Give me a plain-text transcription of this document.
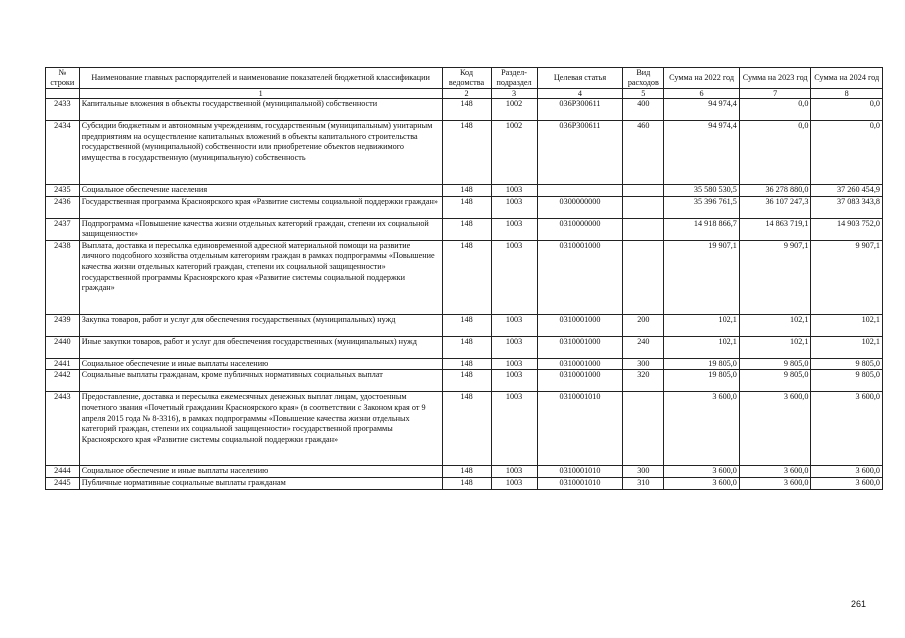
№ строки	Наименование главных распорядителей и наименование показателей бюджетной классификации	Код ведомства	Раздел-подраздел	Целевая статья	Вид расходов	Сумма на 2022 год	Сумма на 2023 год	Сумма на 2024 год
	1	2	3	4	5	6	7	8
2433	Капитальные вложения в объекты государственной (муниципальной) собственности	148	1002	036P300611	400	94 974,4	0,0	0,0
2434	Субсидии бюджетным и автономным учреждениям, государственным (муниципальным) унитарным предприятиям на осуществление капитальных вложений в объекты капитального строительства государственной (муниципальной) собственности или приобретение объектов недвижимого имущества в государственную (муниципальную) собственность	148	1002	036P300611	460	94 974,4	0,0	0,0
2435	Социальное обеспечение населения	148	1003			35 580 530,5	36 278 880,0	37 260 454,9
2436	Государственная программа Красноярского края «Развитие системы социальной поддержки граждан»	148	1003	0300000000		35 396 761,5	36 107 247,3	37 083 343,8
2437	Подпрограмма «Повышение качества жизни отдельных категорий граждан, степени их социальной защищенности»	148	1003	0310000000		14 918 866,7	14 863 719,1	14 903 752,0
2438	Выплата, доставка и пересылка единовременной адресной материальной помощи на развитие личного подсобного хозяйства отдельным категориям граждан в рамках подпрограммы «Повышение качества жизни отдельных категорий граждан, степени их социальной защищенности» государственной программы Красноярского края «Развитие системы социальной поддержки граждан»	148	1003	0310001000		19 907,1	9 907,1	9 907,1
2439	Закупка товаров, работ и услуг для обеспечения государственных (муниципальных) нужд	148	1003	0310001000	200	102,1	102,1	102,1
2440	Иные закупки товаров, работ и услуг для обеспечения государственных (муниципальных) нужд	148	1003	0310001000	240	102,1	102,1	102,1
2441	Социальное обеспечение и иные выплаты населению	148	1003	0310001000	300	19 805,0	9 805,0	9 805,0
2442	Социальные выплаты гражданам, кроме публичных нормативных социальных выплат	148	1003	0310001000	320	19 805,0	9 805,0	9 805,0
2443	Предоставление, доставка и пересылка ежемесячных денежных выплат лицам, удостоенным почетного звания «Почетный гражданин Красноярского края» (в соответствии с Законом края от 9 апреля 2015 года № 8-3316), в рамках подпрограммы «Повышение качества жизни отдельных категорий граждан, степени их социальной защищенности» государственной программы Красноярского края «Развитие системы социальной поддержки граждан»	148	1003	0310001010		3 600,0	3 600,0	3 600,0
2444	Социальное обеспечение и иные выплаты населению	148	1003	0310001010	300	3 600,0	3 600,0	3 600,0
2445	Публичные нормативные социальные выплаты гражданам	148	1003	0310001010	310	3 600,0	3 600,0	3 600,0
261
